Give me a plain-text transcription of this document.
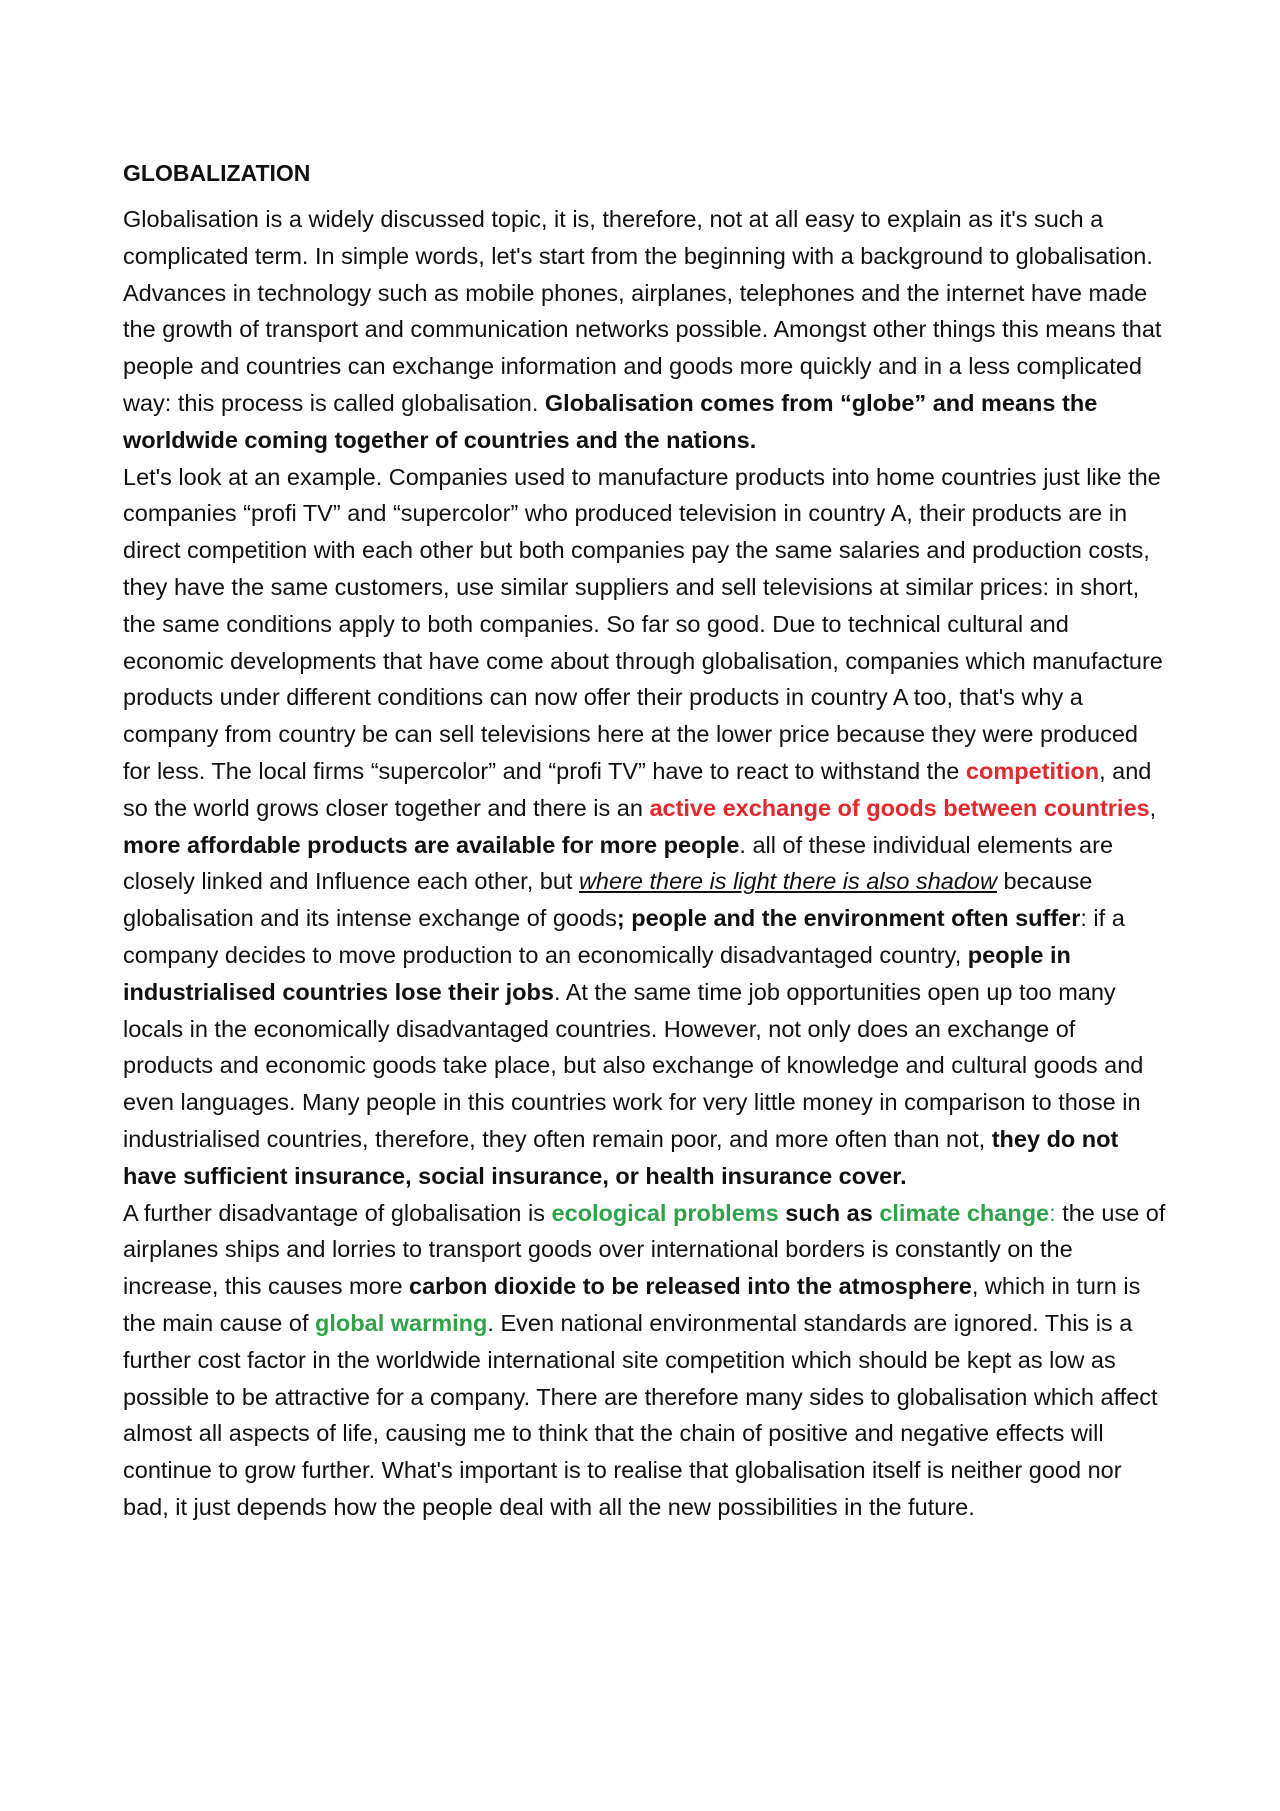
GLOBALIZATION

Globalisation is a widely discussed topic, it is, therefore, not at all easy to explain as it's such a complicated term. In simple words, let's start from the beginning with a background to globalisation. Advances in technology such as mobile phones, airplanes, telephones and the internet have made the growth of transport and communication networks possible. Amongst other things this means that people and countries can exchange information and goods more quickly and in a less complicated way: this process is called globalisation. Globalisation comes from “globe” and means the worldwide coming together of countries and the nations.

Let's look at an example. Companies used to manufacture products into home countries just like the companies “profi TV” and “supercolor” who produced television in country A, their products are in direct competition with each other but both companies pay the same salaries and production costs, they have the same customers, use similar suppliers and sell televisions at similar prices: in short, the same conditions apply to both companies. So far so good. Due to technical cultural and economic developments that have come about through globalisation, companies which manufacture products under different conditions can now offer their products in country A too, that's why a company from country be can sell televisions here at the lower price because they were produced for less. The local firms “supercolor” and “profi TV” have to react to withstand the competition, and so the world grows closer together and there is an active exchange of goods between countries, more affordable products are available for more people. all of these individual elements are closely linked and Influence each other, but where there is light there is also shadow because globalisation and its intense exchange of goods; people and the environment often suffer: if a company decides to move production to an economically disadvantaged country, people in industrialised countries lose their jobs. At the same time job opportunities open up too many locals in the economically disadvantaged countries. However, not only does an exchange of products and economic goods take place, but also exchange of knowledge and cultural goods and even languages. Many people in this countries work for very little money in comparison to those in industrialised countries, therefore, they often remain poor, and more often than not, they do not have sufficient insurance, social insurance, or health insurance cover.

A further disadvantage of globalisation is ecological problems such as climate change: the use of airplanes ships and lorries to transport goods over international borders is constantly on the increase, this causes more carbon dioxide to be released into the atmosphere, which in turn is the main cause of global warming. Even national environmental standards are ignored. This is a further cost factor in the worldwide international site competition which should be kept as low as possible to be attractive for a company. There are therefore many sides to globalisation which affect almost all aspects of life, causing me to think that the chain of positive and negative effects will continue to grow further. What's important is to realise that globalisation itself is neither good nor bad, it just depends how the people deal with all the new possibilities in the future.
